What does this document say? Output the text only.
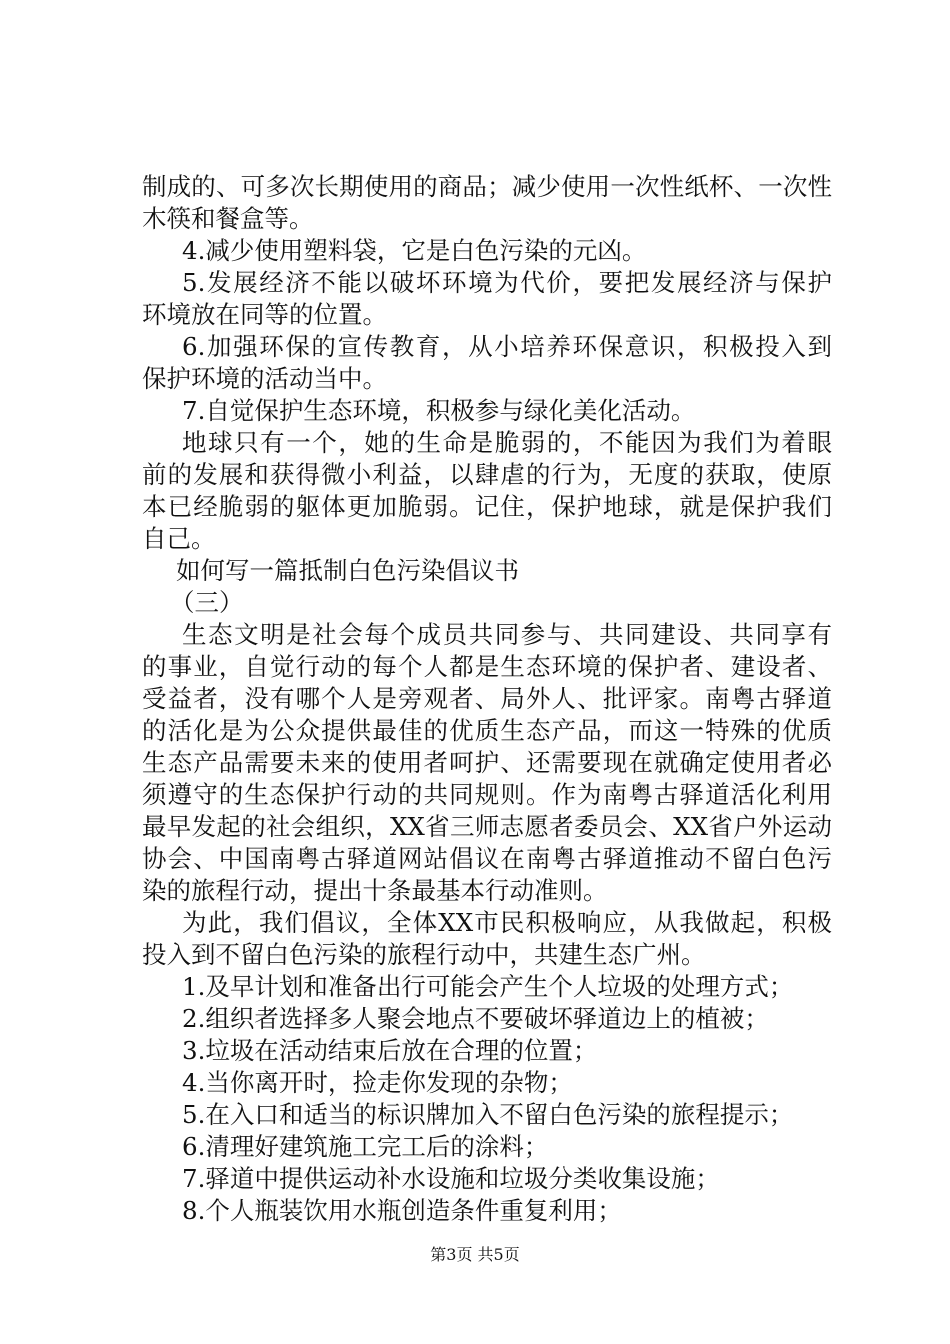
制成的、可多次长期使用的商品；减少使用一次性纸杯、一次性
木筷和餐盒等。
4.减少使用塑料袋，它是白色污染的元凶。
5.发展经济不能以破坏环境为代价，要把发展经济与保护
环境放在同等的位置。
6.加强环保的宣传教育，从小培养环保意识，积极投入到
保护环境的活动当中。
7.自觉保护生态环境，积极参与绿化美化活动。
地球只有一个，她的生命是脆弱的，不能因为我们为着眼
前的发展和获得微小利益，以肆虐的行为，无度的获取，使原
本已经脆弱的躯体更加脆弱。记住，保护地球，就是保护我们
自己。
如何写一篇抵制白色污染倡议书
（三）
生态文明是社会每个成员共同参与、共同建设、共同享有
的事业，自觉行动的每个人都是生态环境的保护者、建设者、
受益者，没有哪个人是旁观者、局外人、批评家。南粤古驿道
的活化是为公众提供最佳的优质生态产品，而这一特殊的优质
生态产品需要未来的使用者呵护、还需要现在就确定使用者必
须遵守的生态保护行动的共同规则。作为南粤古驿道活化利用
最早发起的社会组织，XX省三师志愿者委员会、XX省户外运动
协会、中国南粤古驿道网站倡议在南粤古驿道推动不留白色污
染的旅程行动，提出十条最基本行动准则。
为此，我们倡议，全体XX市民积极响应，从我做起，积极
投入到不留白色污染的旅程行动中，共建生态广州。
1.及早计划和准备出行可能会产生个人垃圾的处理方式；
2.组织者选择多人聚会地点不要破坏驿道边上的植被；
3.垃圾在活动结束后放在合理的位置；
4.当你离开时，捡走你发现的杂物；
5.在入口和适当的标识牌加入不留白色污染的旅程提示；
6.清理好建筑施工完工后的涂料；
7.驿道中提供运动补水设施和垃圾分类收集设施；
8.个人瓶装饮用水瓶创造条件重复利用；
第3页 共5页
